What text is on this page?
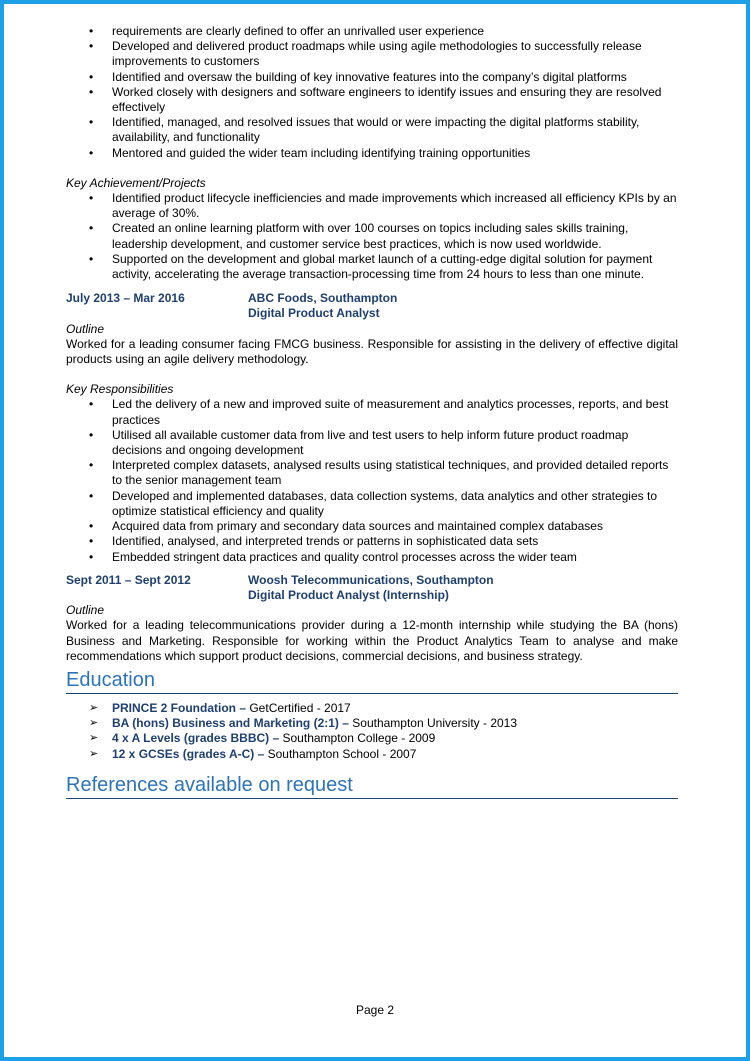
• requirements are clearly defined to offer an unrivalled user experience
• Developed and delivered product roadmaps while using agile methodologies to successfully release improvements to customers
• Identified and oversaw the building of key innovative features into the company’s digital platforms
• Worked closely with designers and software engineers to identify issues and ensuring they are resolved effectively
• Identified, managed, and resolved issues that would or were impacting the digital platforms stability, availability, and functionality
• Mentored and guided the wider team including identifying training opportunities
Key Achievement/Projects
• Identified product lifecycle inefficiencies and made improvements which increased all efficiency KPIs by an average of 30%.
• Created an online learning platform with over 100 courses on topics including sales skills training, leadership development, and customer service best practices, which is now used worldwide.
• Supported on the development and global market launch of a cutting-edge digital solution for payment activity, accelerating the average transaction-processing time from 24 hours to less than one minute.
July 2013 – Mar 2016	ABC Foods, Southampton
Digital Product Analyst
Outline
Worked for a leading consumer facing FMCG business. Responsible for assisting in the delivery of effective digital products using an agile delivery methodology.
Key Responsibilities
• Led the delivery of a new and improved suite of measurement and analytics processes, reports, and best practices
• Utilised all available customer data from live and test users to help inform future product roadmap decisions and ongoing development
• Interpreted complex datasets, analysed results using statistical techniques, and provided detailed reports to the senior management team
• Developed and implemented databases, data collection systems, data analytics and other strategies to optimize statistical efficiency and quality
• Acquired data from primary and secondary data sources and maintained complex databases
• Identified, analysed, and interpreted trends or patterns in sophisticated data sets
• Embedded stringent data practices and quality control processes across the wider team
Sept 2011 – Sept 2012	Woosh Telecommunications, Southampton
Digital Product Analyst (Internship)
Outline
Worked for a leading telecommunications provider during a 12-month internship while studying the BA (hons) Business and Marketing. Responsible for working within the Product Analytics Team to analyse and make recommendations which support product decisions, commercial decisions, and business strategy.
Education
➢ PRINCE 2 Foundation – GetCertified - 2017
➢ BA (hons) Business and Marketing (2:1) – Southampton University - 2013
➢ 4 x A Levels (grades BBBC) – Southampton College - 2009
➢ 12 x GCSEs (grades A-C) – Southampton School - 2007
References available on request
Page 2
